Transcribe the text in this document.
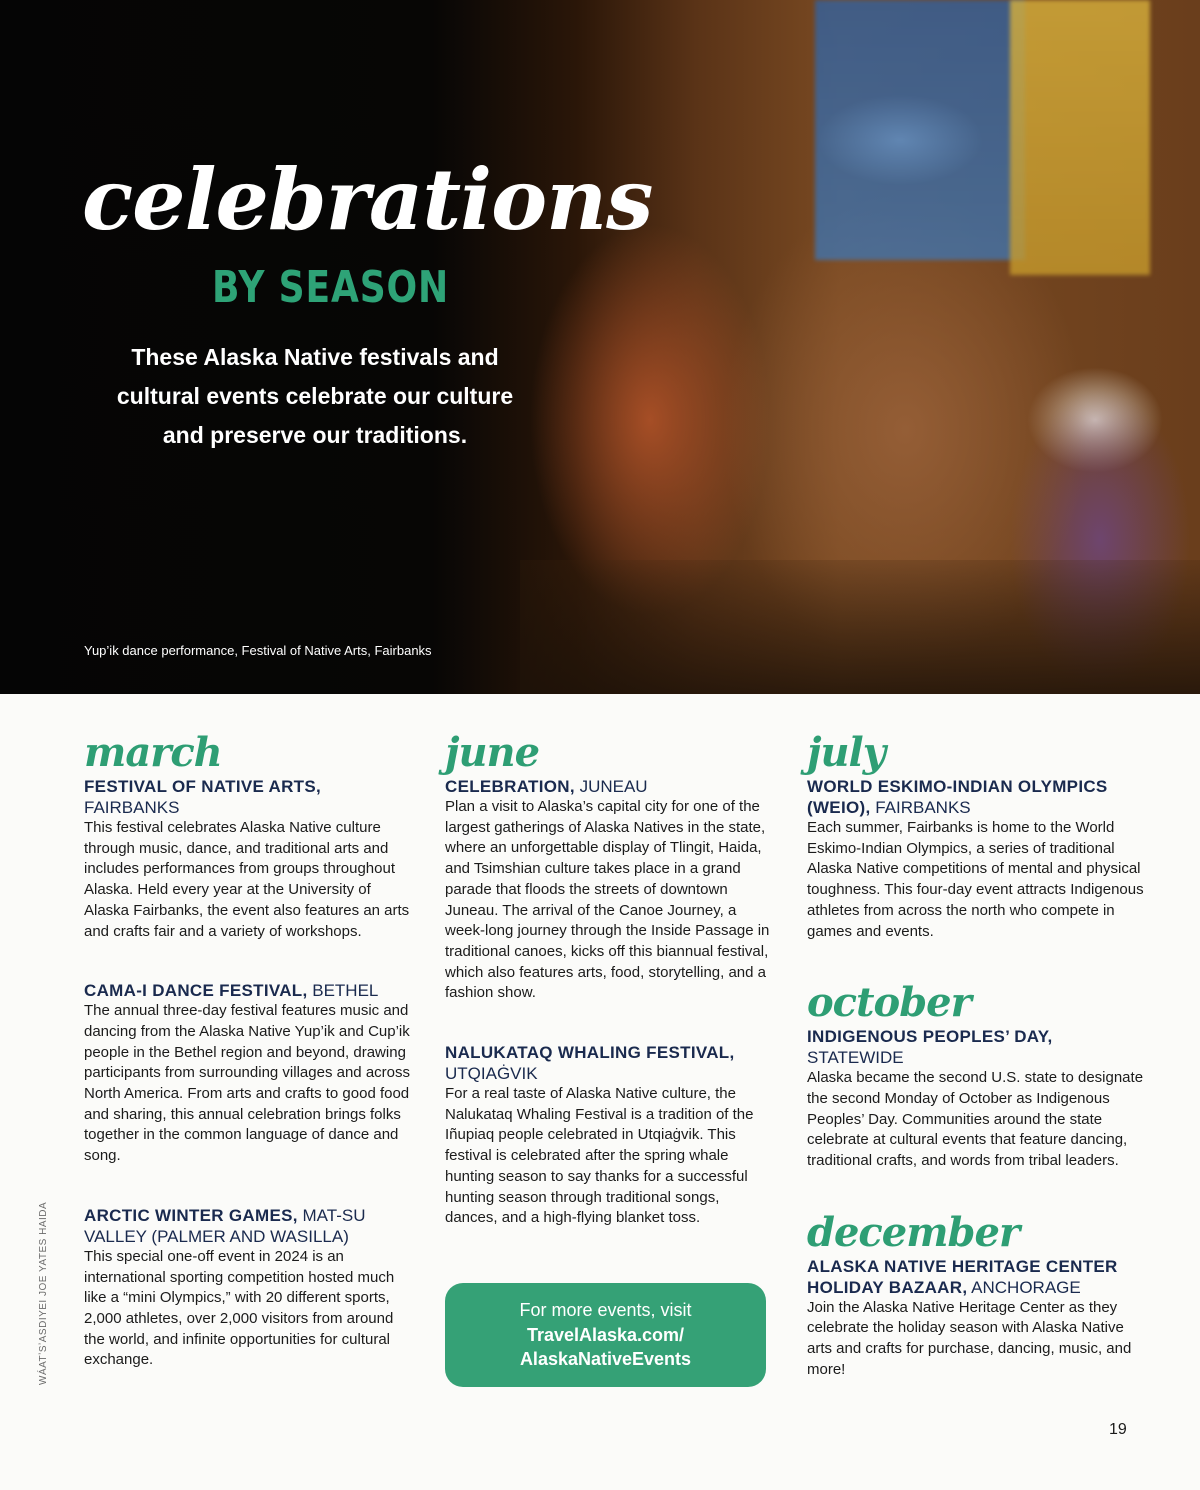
celebrations
BY SEASON

These Alaska Native festivals and cultural events celebrate our culture and preserve our traditions.

Yup’ik dance performance, Festival of Native Arts, Fairbanks
march
FESTIVAL OF NATIVE ARTS, FAIRBANKS

This festival celebrates Alaska Native culture through music, dance, and traditional arts and includes performances from groups throughout Alaska. Held every year at the University of Alaska Fairbanks, the event also features an arts and crafts fair and a variety of workshops.

CAMA-I DANCE FESTIVAL, BETHEL

The annual three-day festival features music and dancing from the Alaska Native Yup’ik and Cup’ik people in the Bethel region and beyond, drawing participants from surrounding villages and across North America. From arts and crafts to good food and sharing, this annual celebration brings folks together in the common language of dance and song.

ARCTIC WINTER GAMES, MAT-SU VALLEY (PALMER AND WASILLA)

This special one-off event in 2024 is an international sporting competition hosted much like a “mini Olympics,” with 20 different sports, 2,000 athletes, over 2,000 visitors from around the world, and infinite opportunities for cultural exchange.

june
CELEBRATION, JUNEAU

Plan a visit to Alaska’s capital city for one of the largest gatherings of Alaska Natives in the state, where an unforgettable display of Tlingit, Haida, and Tsimshian culture takes place in a grand parade that floods the streets of downtown Juneau. The arrival of the Canoe Journey, a week-long journey through the Inside Passage in traditional canoes, kicks off this biannual festival, which also features arts, food, storytelling, and a fashion show.

NALUKATAQ WHALING FESTIVAL, UTQIAĠVIK

For a real taste of Alaska Native culture, the Nalukataq Whaling Festival is a tradition of the Iñupiaq people celebrated in Utqiaġvik. This festival is celebrated after the spring whale hunting season to say thanks for a successful hunting season through traditional songs, dances, and a high-flying blanket toss.

For more events, visit
TravelAlaska.com/
AlaskaNativeEvents
july
WORLD ESKIMO-INDIAN OLYMPICS (WEIO), FAIRBANKS

Each summer, Fairbanks is home to the World Eskimo-Indian Olympics, a series of traditional Alaska Native competitions of mental and physical toughness. This four-day event attracts Indigenous athletes from across the north who compete in games and events.

october
INDIGENOUS PEOPLES’ DAY, STATEWIDE

Alaska became the second U.S. state to designate the second Monday of October as Indigenous Peoples’ Day. Communities around the state celebrate at cultural events that feature dancing, traditional crafts, and words from tribal leaders.

december
ALASKA NATIVE HERITAGE CENTER HOLIDAY BAZAAR, ANCHORAGE

Join the Alaska Native Heritage Center as they celebrate the holiday season with Alaska Native arts and crafts for purchase, dancing, music, and more!

WÁATʼSʼASDIYEI JOE YATES HAIDA
19
